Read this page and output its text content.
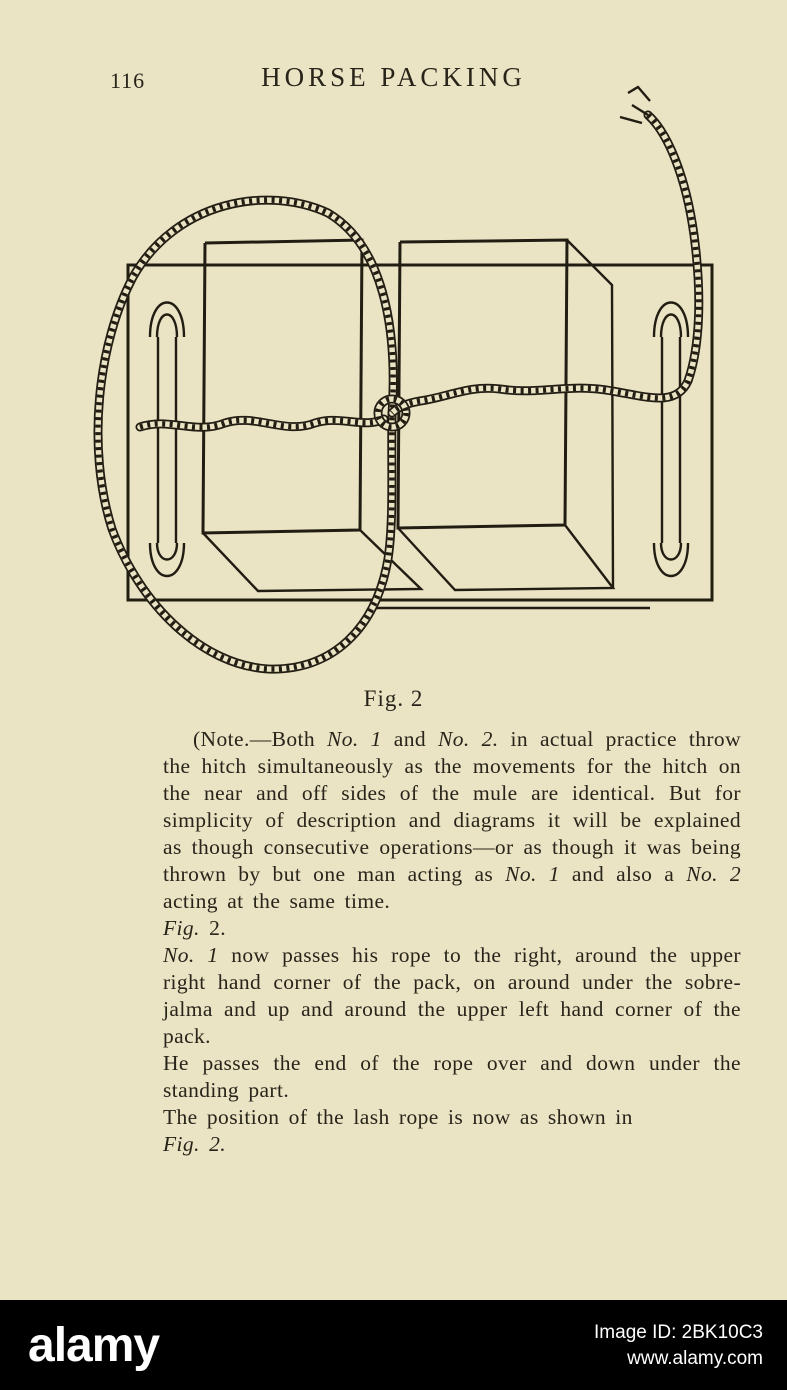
116	HORSE PACKING
Fig. 2

(Note.—Both No. 1 and No. 2. in actual practice throw the hitch simultaneously as the movements for the hitch on the near and off sides of the mule are identical. But for simplicity of description and diagrams it will be explained as though consecutive operations—or as though it was being thrown by but one man acting as No. 1 and also a No. 2 acting at the same time.

Fig. 2.

No. 1 now passes his rope to the right, around the upper right hand corner of the pack, on around under the sobre-jalma and up and around the upper left hand corner of the pack.

He passes the end of the rope over and down under the standing part.

The position of the lash rope is now as shown in
Fig. 2.

alamy	Image ID: 2BK10C3
www.alamy.com
